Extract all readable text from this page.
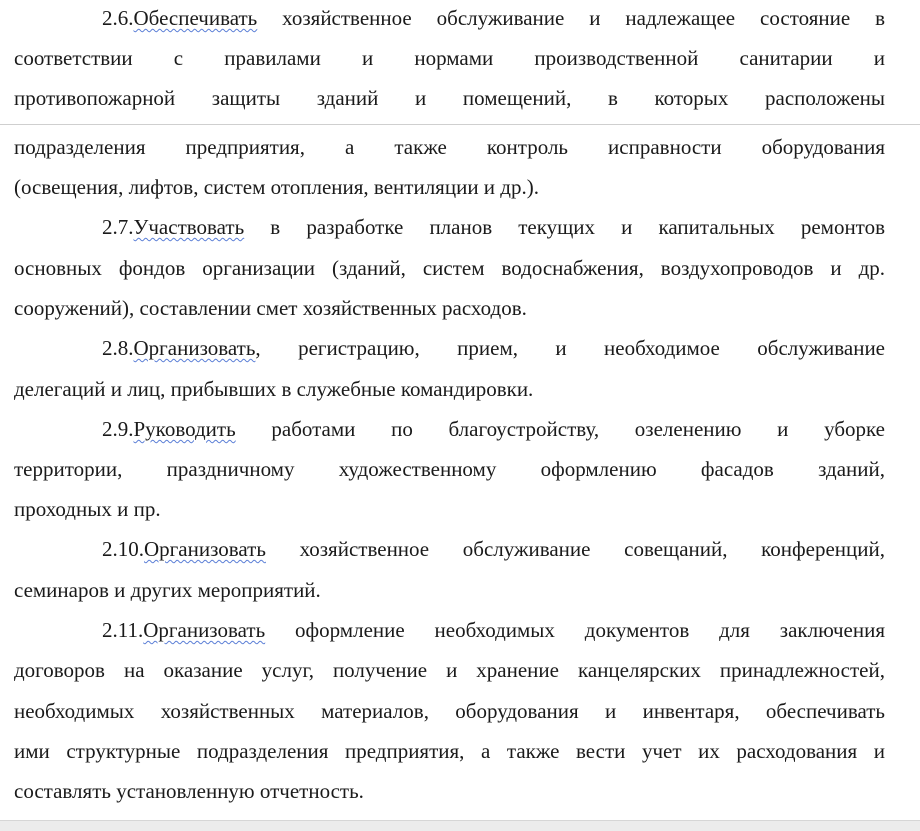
2.6.Обеспечивать хозяйственное обслуживание и надлежащее состояние в
соответствии с правилами и нормами производственной санитарии и
противопожарной защиты зданий и помещений, в которых расположены
подразделения предприятия, а также контроль исправности оборудования
(освещения, лифтов, систем отопления, вентиляции и др.).
2.7.Участвовать в разработке планов текущих и капитальных ремонтов
основных фондов организации (зданий, систем водоснабжения, воздухопроводов и др.
сооружений), составлении смет хозяйственных расходов.
2.8.Организовать, регистрацию, прием, и необходимое обслуживание
делегаций и лиц, прибывших в служебные командировки.
2.9.Руководить работами по благоустройству, озеленению и уборке
территории, праздничному художественному оформлению фасадов зданий,
проходных и пр.
2.10.Организовать хозяйственное обслуживание совещаний, конференций,
семинаров и других мероприятий.
2.11.Организовать оформление необходимых документов для заключения
договоров на оказание услуг, получение и хранение канцелярских принадлежностей,
необходимых хозяйственных материалов, оборудования и инвентаря, обеспечивать
ими структурные подразделения предприятия, а также вести учет их расходования и
составлять установленную отчетность.
